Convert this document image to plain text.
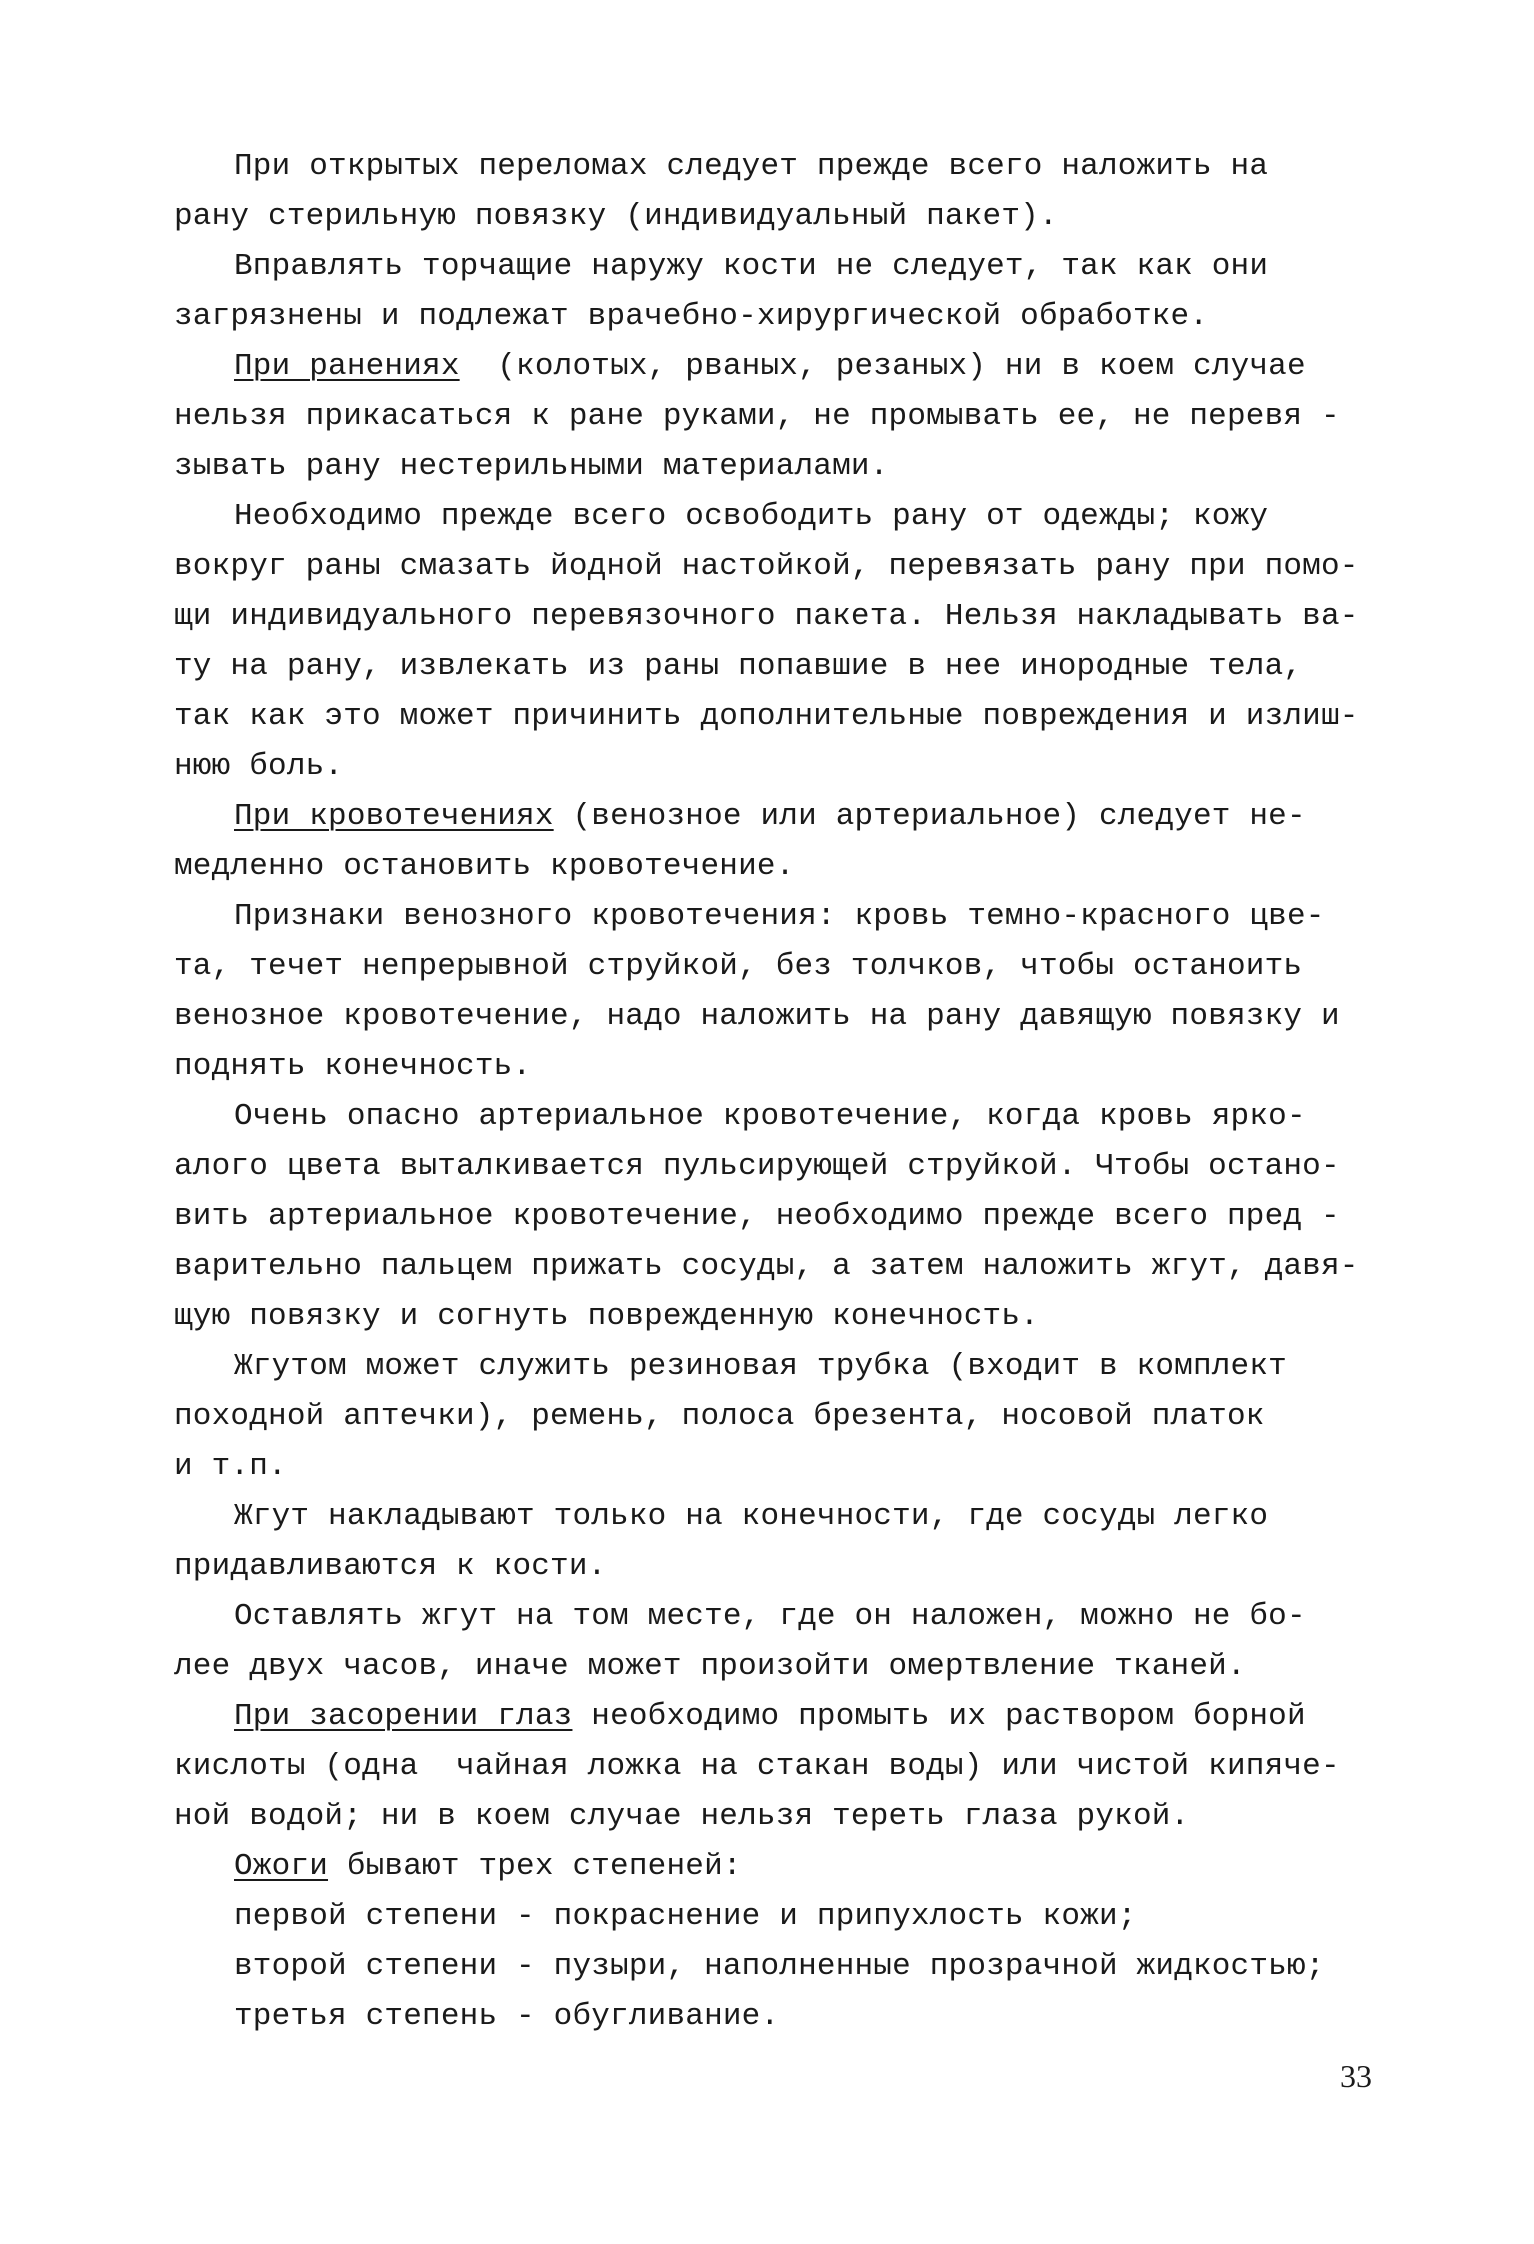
При открытых переломах следует прежде всего наложить на
рану стерильную повязку (индивидуальный пакет).
Вправлять торчащие наружу кости не следует, так как они
загрязнены и подлежат врачебно-хирургической обработке.
При ранениях  (колотых, рваных, резаных) ни в коем случае
нельзя прикасаться к ране руками, не промывать ее, не перевя -
зывать рану нестерильными материалами.
Необходимо прежде всего освободить рану от одежды; кожу
вокруг раны смазать йодной настойкой, перевязать рану при помо-
щи индивидуального перевязочного пакета. Нельзя накладывать ва-
ту на рану, извлекать из раны попавшие в нее инородные тела,
так как это может причинить дополнительные повреждения и излиш-
нюю боль.
При кровотечениях (венозное или артериальное) следует не-
медленно остановить кровотечение.
Признаки венозного кровотечения: кровь темно-красного цве-
та, течет непрерывной струйкой, без толчков, чтобы останоить
венозное кровотечение, надо наложить на рану давящую повязку и
поднять конечность.
Очень опасно артериальное кровотечение, когда кровь ярко-
алого цвета выталкивается пульсирующей струйкой. Чтобы остано-
вить артериальное кровотечение, необходимо прежде всего пред -
варительно пальцем прижать сосуды, а затем наложить жгут, давя-
щую повязку и согнуть поврежденную конечность.
Жгутом может служить резиновая трубка (входит в комплект
походной аптечки), ремень, полоса брезента, носовой платок
и т.п.
Жгут накладывают только на конечности, где сосуды легко
придавливаются к кости.
Оставлять жгут на том месте, где он наложен, можно не бо-
лее двух часов, иначе может произойти омертвление тканей.
При засорении глаз необходимо промыть их раствором борной
кислоты (одна  чайная ложка на стакан воды) или чистой кипяче-
ной водой; ни в коем случае нельзя тереть глаза рукой.
Ожоги бывают трех степеней:
первой степени - покраснение и припухлость кожи;
второй степени - пузыри, наполненные прозрачной жидкостью;
третья степень - обугливание.
33
